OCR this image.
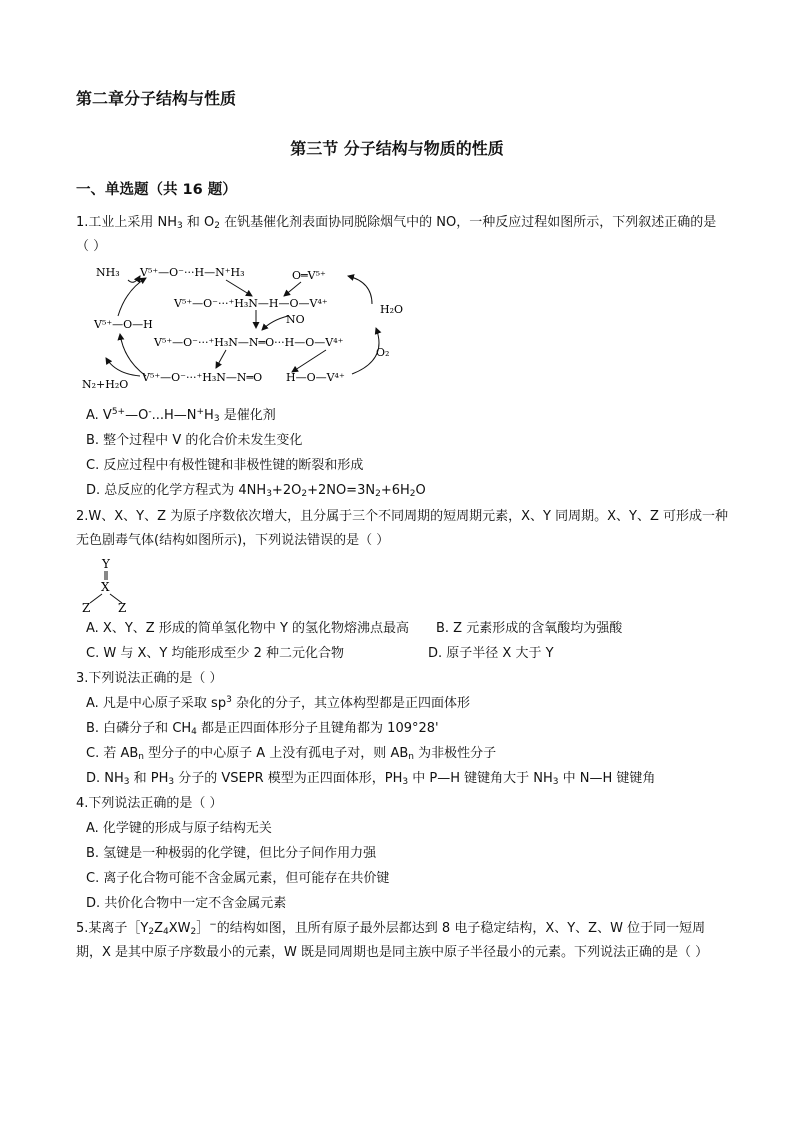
第二章分子结构与性质
第三节 分子结构与物质的性质
一、单选题（共 16 题）
1.工业上采用 $NH_3$ 和 $O_2$ 在钒基催化剂表面协同脱除烟气中的 NO，一种反应过程如图所示，下列叙述正确的是（ ）
NH₃ V⁵⁺—O⁻···H—N⁺H₃	O═V⁵⁺
V⁵⁺—O⁻···⁺H₃N—H—O—V⁴⁺
V⁵⁺—O—H	NO
H₂O
V⁵⁺—O⁻···⁺H₃N—N═O···H—O—V⁴⁺
O₂
V⁵⁺—O⁻···⁺H₃N—N═O H—O—V⁴⁺
N₂+H₂O
A. $V^{5+}—O^-...H—N^+H_3$ 是催化剂
B. 整个过程中 V 的化合价未发生变化
C. 反应过程中有极性键和非极性键的断裂和形成
D. 总反应的化学方程式为 $4NH_3+2O_2+2NO=3N_2+6H_2O$
2.W、X、Y、Z 为原子序数依次增大，且分属于三个不同周期的短周期元素，X、Y 同周期。X、Y、Z 可形成一种无色剧毒气体(结构如图所示)，下列说法错误的是（ ）
Y
X
Z Z
A. X、Y、Z 形成的简单氢化物中 Y 的氢化物熔沸点最高 B. Z 元素形成的含氧酸均为强酸
C. W 与 X、Y 均能形成至少 2 种二元化合物	D. 原子半径 X 大于 Y
3.下列说法正确的是（ ）
A. 凡是中心原子采取 $sp^3$ 杂化的分子，其立体构型都是正四面体形
B. 白磷分子和 $CH_4$ 都是正四面体形分子且键角都为 109°28'
C. 若 $AB_n$ 型分子的中心原子 A 上没有孤电子对，则 $AB_n$ 为非极性分子
D. $NH_3$ 和 $PH_3$ 分子的 VSEPR 模型为正四面体形，$PH_3$ 中 P—H 键键角大于 $NH_3$ 中 N—H 键键角
4.下列说法正确的是（ ）
A. 化学键的形成与原子结构无关
B. 氢键是一种极弱的化学键，但比分子间作用力强
C. 离子化合物可能不含金属元素，但可能存在共价键
D. 共价化合物中一定不含金属元素
5.某离子$[Y_2Z_4XW_2]^-$的结构如图，且所有原子最外层都达到 8 电子稳定结构，X、Y、Z、W 位于同一短周期，X 是其中原子序数最小的元素，W 既是同周期也是同主族中原子半径最小的元素。下列说法正确的是（ ）
